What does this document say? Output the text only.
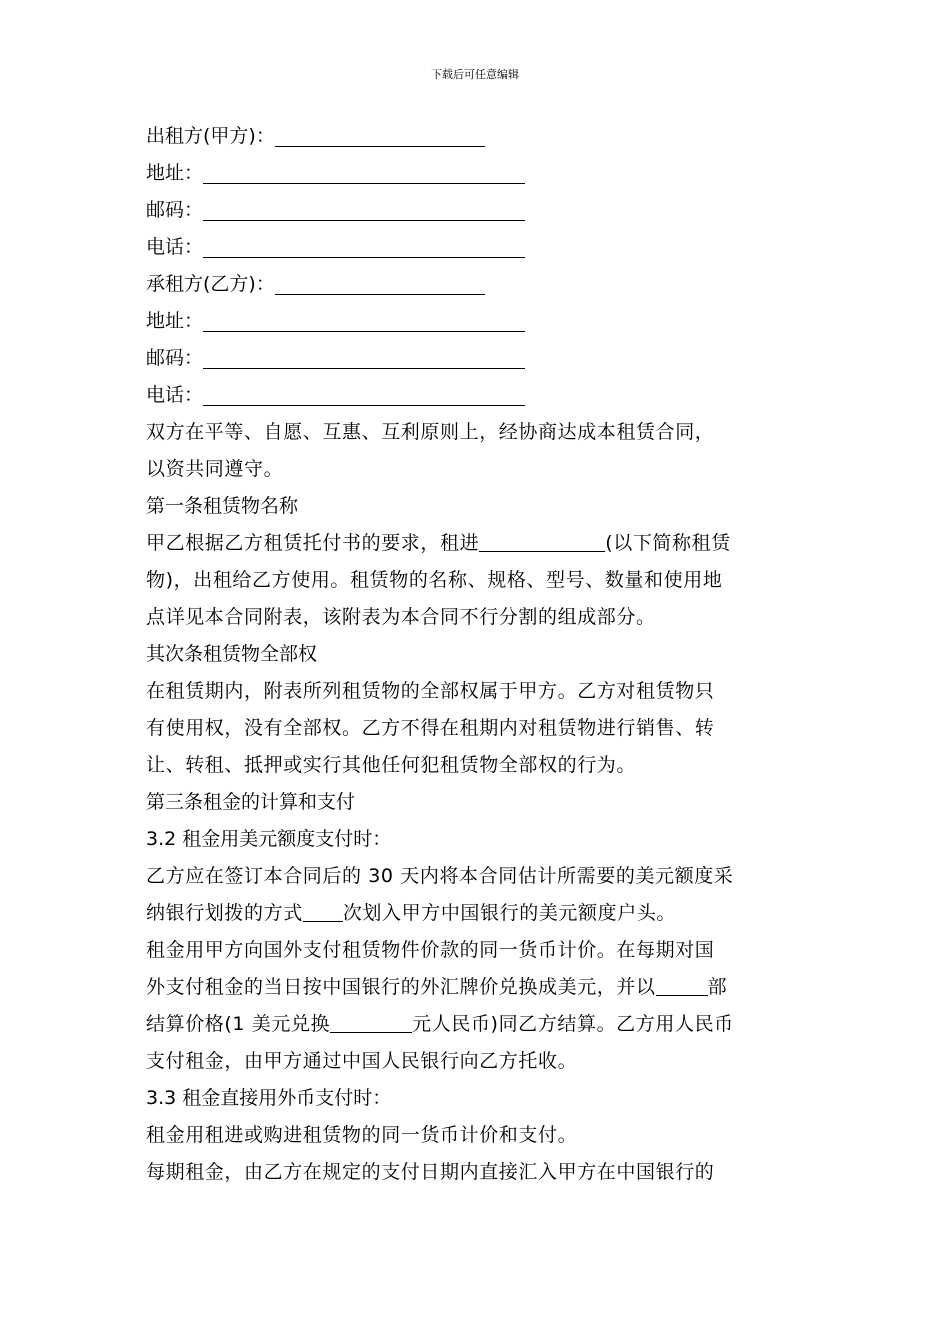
下载后可任意编辑
出租方(甲方)：
地址：
邮码：
电话：
承租方(乙方)：
地址：
邮码：
电话：
双方在平等、自愿、互惠、互利原则上，经协商达成本租赁合同，
以资共同遵守。
第一条租赁物名称
甲乙根据乙方租赁托付书的要求，租进	(以下简称租赁
物)，出租给乙方使用。租赁物的名称、规格、型号、数量和使用地
点详见本合同附表，该附表为本合同不行分割的组成部分。
其次条租赁物全部权
在租赁期内，附表所列租赁物的全部权属于甲方。乙方对租赁物只
有使用权，没有全部权。乙方不得在租期内对租赁物进行销售、转
让、转租、抵押或实行其他任何犯租赁物全部权的行为。
第三条租金的计算和支付
3.2 租金用美元额度支付时：
乙方应在签订本合同后的 30 天内将本合同估计所需要的美元额度采
纳银行划拨的方式 次划入甲方中国银行的美元额度户头。
租金用甲方向国外支付租赁物件价款的同一货币计价。在每期对国
外支付租金的当日按中国银行的外汇牌价兑换成美元，并以	部
结算价格(1 美元兑换	元人民币)同乙方结算。乙方用人民币
支付租金，由甲方通过中国人民银行向乙方托收。
3.3 租金直接用外币支付时：
租金用租进或购进租赁物的同一货币计价和支付。
每期租金，由乙方在规定的支付日期内直接汇入甲方在中国银行的
